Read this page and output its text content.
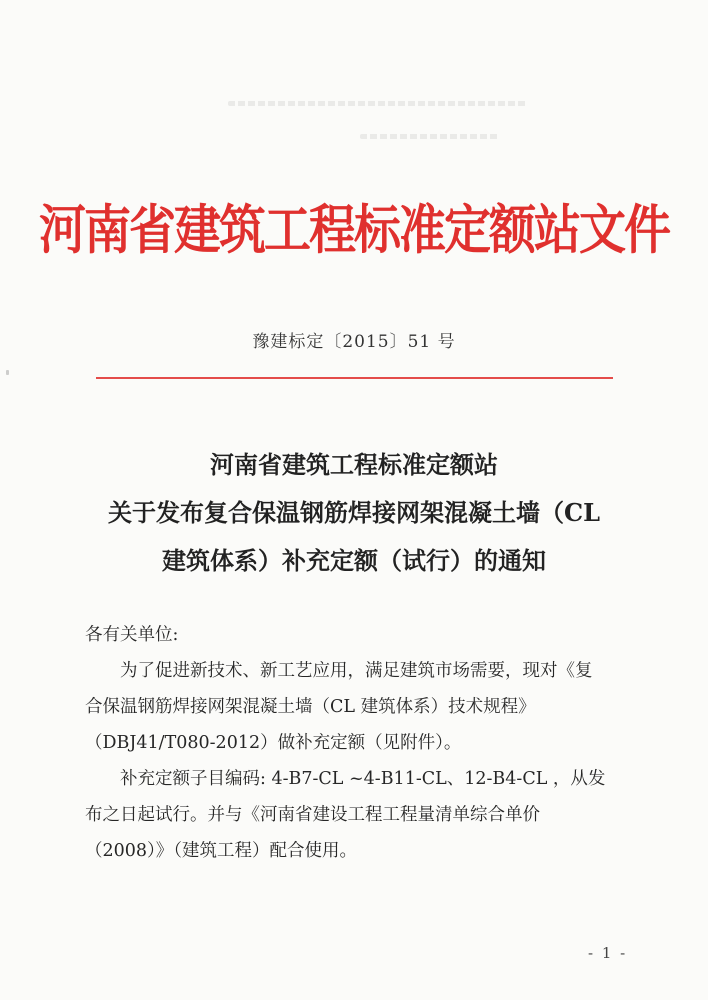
河南省建筑工程标准定额站文件
豫建标定〔2015〕51 号
河南省建筑工程标准定额站
关于发布复合保温钢筋焊接网架混凝土墙（CL
建筑体系）补充定额（试行）的通知

各有关单位:

为了促进新技术、新工艺应用，满足建筑市场需要，现对《复

合保温钢筋焊接网架混凝土墙（CL 建筑体系）技术规程》

（DBJ41/T080-2012）做补充定额（见附件）。

补充定额子目编码: 4-B7-CL ~4-B11-CL、12-B4-CL ，从发

布之日起试行。并与《河南省建设工程工程量清单综合单价

（2008）》（建筑工程）配合使用。

- 1 -
